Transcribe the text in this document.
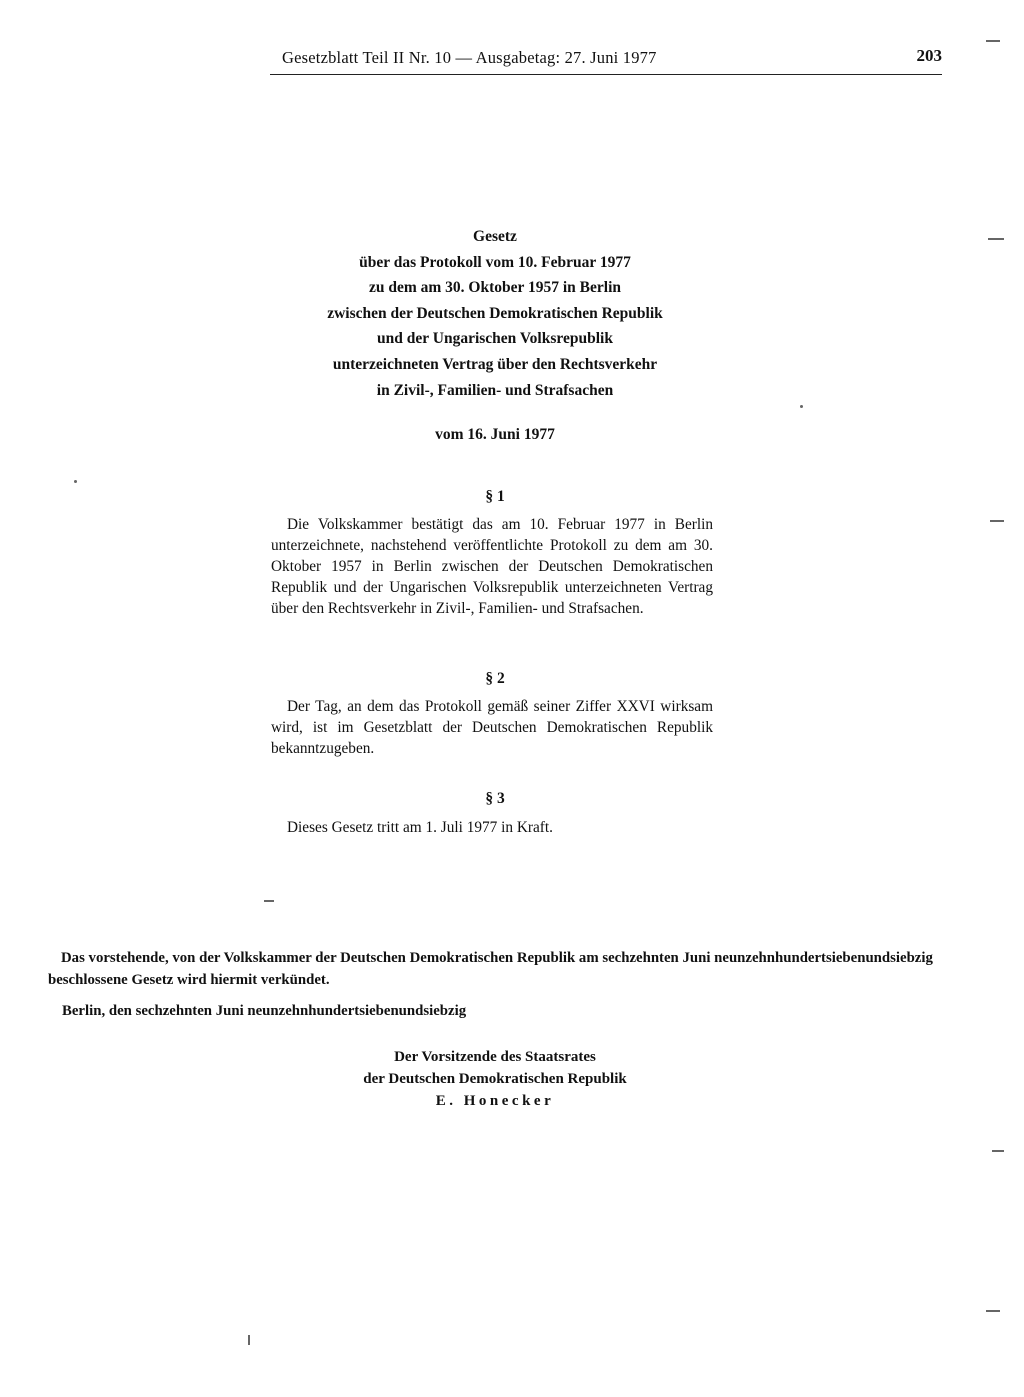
Gesetzblatt Teil II Nr. 10 — Ausgabetag: 27. Juni 1977	203
Gesetz
über das Protokoll vom 10. Februar 1977
zu dem am 30. Oktober 1957 in Berlin
zwischen der Deutschen Demokratischen Republik
und der Ungarischen Volksrepublik
unterzeichneten Vertrag über den Rechtsverkehr
in Zivil-, Familien- und Strafsachen
vom 16. Juni 1977
§ 1
Die Volkskammer bestätigt das am 10. Februar 1977 in Berlin unterzeichnete, nachstehend veröffentlichte Protokoll zu dem am 30. Oktober 1957 in Berlin zwischen der Deutschen Demokratischen Republik und der Ungarischen Volksrepublik unterzeichneten Vertrag über den Rechtsverkehr in Zivil-, Familien- und Strafsachen.
§ 2
Der Tag, an dem das Protokoll gemäß seiner Ziffer XXVI wirksam wird, ist im Gesetzblatt der Deutschen Demokratischen Republik bekanntzugeben.
§ 3
Dieses Gesetz tritt am 1. Juli 1977 in Kraft.
Das vorstehende, von der Volkskammer der Deutschen Demokratischen Republik am sechzehnten Juni neunzehnhundertsiebenundsiebzig beschlossene Gesetz wird hiermit verkündet.
Berlin, den sechzehnten Juni neunzehnhundertsiebenundsiebzig
Der Vorsitzende des Staatsrates
der Deutschen Demokratischen Republik
E. Honecker
